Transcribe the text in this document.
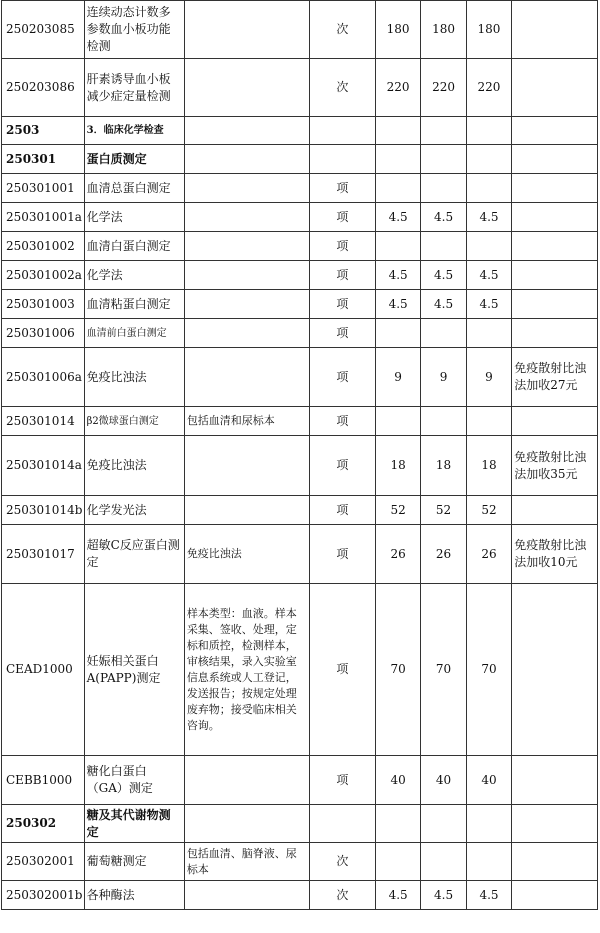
250203085	连续动态计数多参数血小板功能检测		次	180	180	180	
250203086	肝素诱导血小板减少症定量检测		次	220	220	220	
2503	3．临床化学检查						
250301	蛋白质测定						
250301001	血清总蛋白测定		项				
250301001a	化学法		项	4.5	4.5	4.5	
250301002	血清白蛋白测定		项				
250301002a	化学法		项	4.5	4.5	4.5	
250301003	血清粘蛋白测定		项	4.5	4.5	4.5	
250301006	血清前白蛋白测定		项				
250301006a	免疫比浊法		项	9	9	9	免疫散射比浊法加收27元
250301014	β2微球蛋白测定	包括血清和尿标本	项				
250301014a	免疫比浊法		项	18	18	18	免疫散射比浊法加收35元
250301014b	化学发光法		项	52	52	52	
250301017	超敏C反应蛋白测定	免疫比浊法	项	26	26	26	免疫散射比浊法加收10元
CEAD1000	妊娠相关蛋白A(PAPP)测定	样本类型：血液。样本采集、签收、处理，定标和质控，检测样本，审核结果，录入实验室信息系统或人工登记，发送报告；按规定处理废弃物；接受临床相关咨询。	项	70	70	70	
CEBB1000	糖化白蛋白（GA）测定		项	40	40	40	
250302	糖及其代谢物测定						
250302001	葡萄糖测定	包括血清、脑脊液、尿标本	次				
250302001b	各种酶法		次	4.5	4.5	4.5	
